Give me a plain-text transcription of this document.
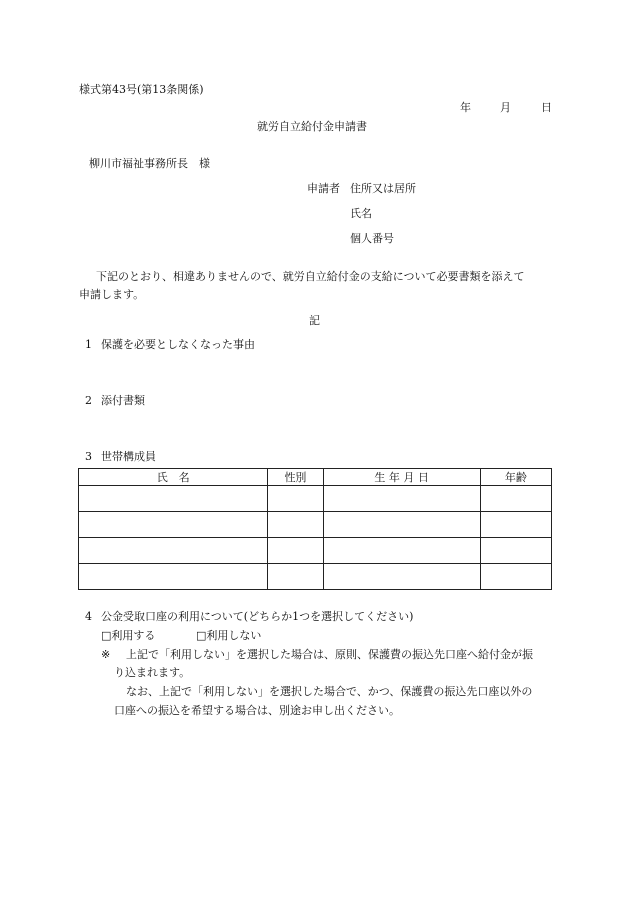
様式第43号(第13条関係)
年	月	日
就労自立給付金申請書
柳川市福祉事務所長　様
申請者 住所又は居所
氏名
個人番号
下記のとおり、相違ありませんので、就労自立給付金の支給について必要書類を添えて
申請します。
記
1 保護を必要としなくなった事由
2 添付書類
3 世帯構成員
氏　名	性別	生 年 月 日	年齢

4 公金受取口座の利用について(どちらか1つを選択してください)
□利用する	□利用しない
※ 上記で「利用しない」を選択した場合は、原則、保護費の振込先口座へ給付金が振
り込まれます。
なお、上記で「利用しない」を選択した場合で、かつ、保護費の振込先口座以外の
口座への振込を希望する場合は、別途お申し出ください。
